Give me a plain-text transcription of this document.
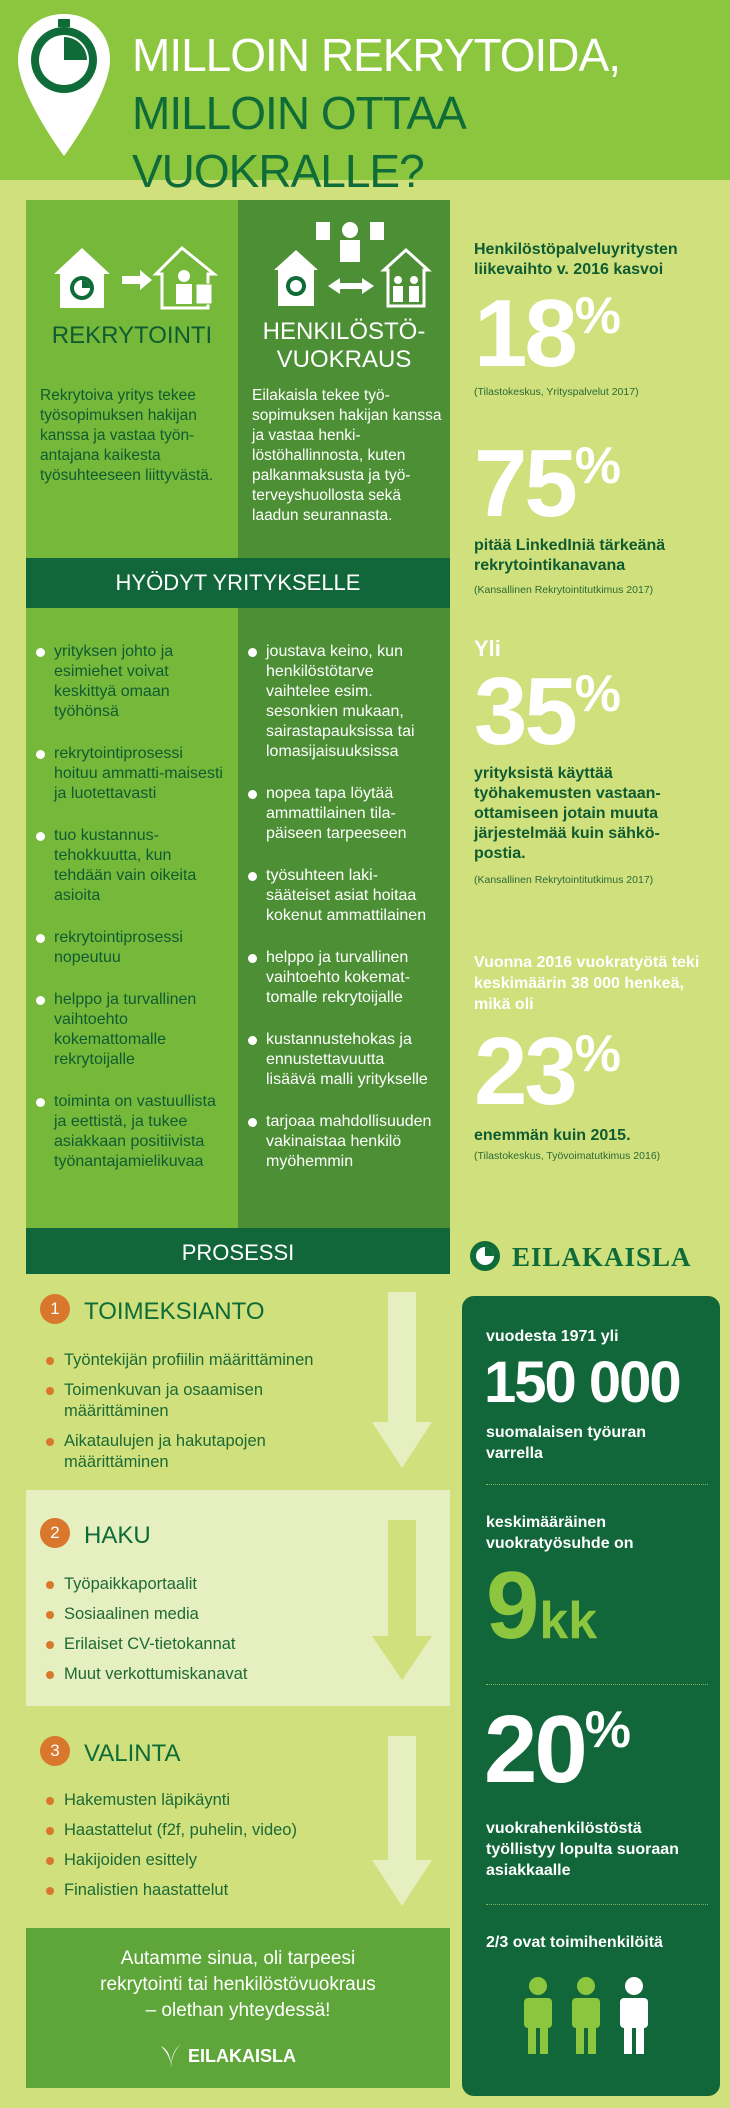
MILLOIN REKRYTOIDA,
MILLOIN OTTAA VUOKRALLE?
REKRYTOINTI
Rekrytoiva yritys tekee työsopimuksen hakijan kanssa ja vastaa työn-antajana kaikesta työsuhteeseen liittyvästä.
HENKILÖSTÖ-
VUOKRAUS
Eilakaisla tekee työ-sopimuksen hakijan kanssa ja vastaa henki-löstöhallinnosta, kuten palkanmaksusta ja työ-terveyshuollosta sekä laadun seurannasta.
HYÖDYT YRITYKSELLE
yrityksen johto ja esimiehet voivat keskittyä omaan työhönsä
rekrytointiprosessi hoituu ammatti-maisesti ja luotettavasti
tuo kustannus-tehokkuutta, kun tehdään vain oikeita asioita
rekrytointiprosessi nopeutuu
helppo ja turvallinen vaihtoehto kokemattomalle rekrytoijalle
toiminta on vastuullista ja eettistä, ja tukee asiakkaan positiivista työnantajamielikuvaa
joustava keino, kun henkilöstötarve vaihtelee esim. sesonkien mukaan, sairastapauksissa tai lomasijaisuuksissa
nopea tapa löytää ammattilainen tila-päiseen tarpeeseen
työsuhteen laki-sääteiset asiat hoitaa kokenut ammattilainen
helppo ja turvallinen vaihtoehto kokemat-tomalle rekrytoijalle
kustannustehokas ja ennustettavuutta lisäävä malli yritykselle
tarjoaa mahdollisuuden vakinaistaa henkilö myöhemmin
PROSESSI
1	TOIMEKSIANTO
Työntekijän profiilin määrittäminen
Toimenkuvan ja osaamisen määrittäminen
Aikataulujen ja hakutapojen määrittäminen
2	HAKU
Työpaikkaportaalit
Sosiaalinen media
Erilaiset CV-tietokannat
Muut verkottumiskanavat
3	VALINTA
Hakemusten läpikäynti
Haastattelut (f2f, puhelin, video)
Hakijoiden esittely
Finalistien haastattelut
Autamme sinua, oli tarpeesi
rekrytointi tai henkilöstövuokraus
– olethan yhteydessä!
EILAKAISLA
Henkilöstöpalveluyritysten liikevaihto v. 2016 kasvoi
18%
(Tilastokeskus, Yrityspalvelut 2017)
75%
pitää LinkedIniä tärkeänä rekrytointikanavana
(Kansallinen Rekrytointitutkimus 2017)
Yli
35%
yrityksistä käyttää työhakemusten vastaan-ottamiseen jotain muuta järjestelmää kuin sähkö-postia.
(Kansallinen Rekrytointitutkimus 2017)
Vuonna 2016 vuokratyötä teki keskimäärin 38 000 henkeä, mikä oli
23%
enemmän kuin 2015.
(Tilastokeskus, Työvoimatutkimus 2016)
EILAKAISLA
vuodesta 1971 yli
150 000
suomalaisen työuran varrella
keskimääräinen vuokratyösuhde on
9kk
20%
vuokrahenkilöstöstä työllistyy lopulta suoraan asiakkaalle
2/3 ovat toimihenkilöitä
